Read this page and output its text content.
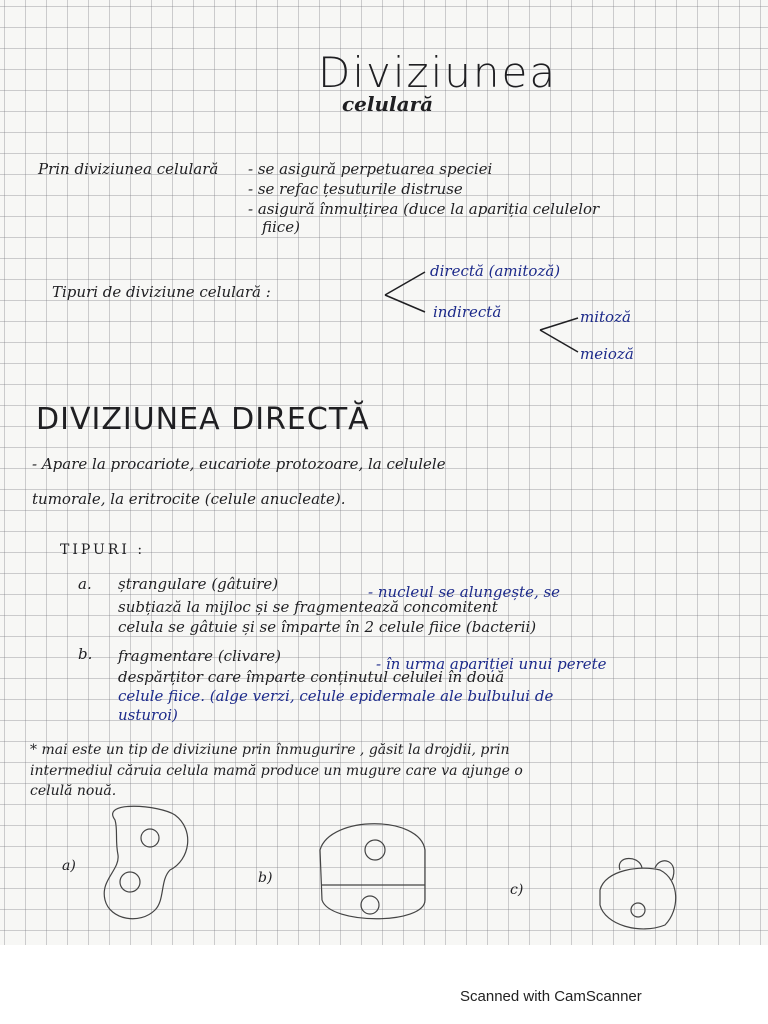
Diviziunea
celulară
Prin diviziunea celulară - se asigură perpetuarea speciei
- se refac țesuturile distruse
- asigură înmulțirea (duce la apariția celulelor
fiice)
Tipuri de diviziune celulară :
directă (amitoză)
indirectă	mitoză
meioză
DIVIZIUNEA DIRECTĂ
- Apare la procariote, eucariote protozoare, la celulele
tumorale, la eritrocite (celule anucleate).
TIPURI :
a. ștrangulare (gâtuire)	- nucleul se alungește, se
subțiază la mijloc și se fragmentează concomitent
celula se gâtuie și se împarte în 2 celule fiice (bacterii)
b. fragmentare (clivare)	- în urma apariției unui perete
despărțitor care împarte conținutul celulei în două
celule fiice. (alge verzi, celule epidermale ale bulbului de
usturoi)
* mai este un tip de diviziune prin înmugurire , găsit la drojdii, prin
intermediul căruia celula mamă produce un mugure care va ajunge o
celulă nouă.
a)
b)
c)
Scanned with CamScanner
